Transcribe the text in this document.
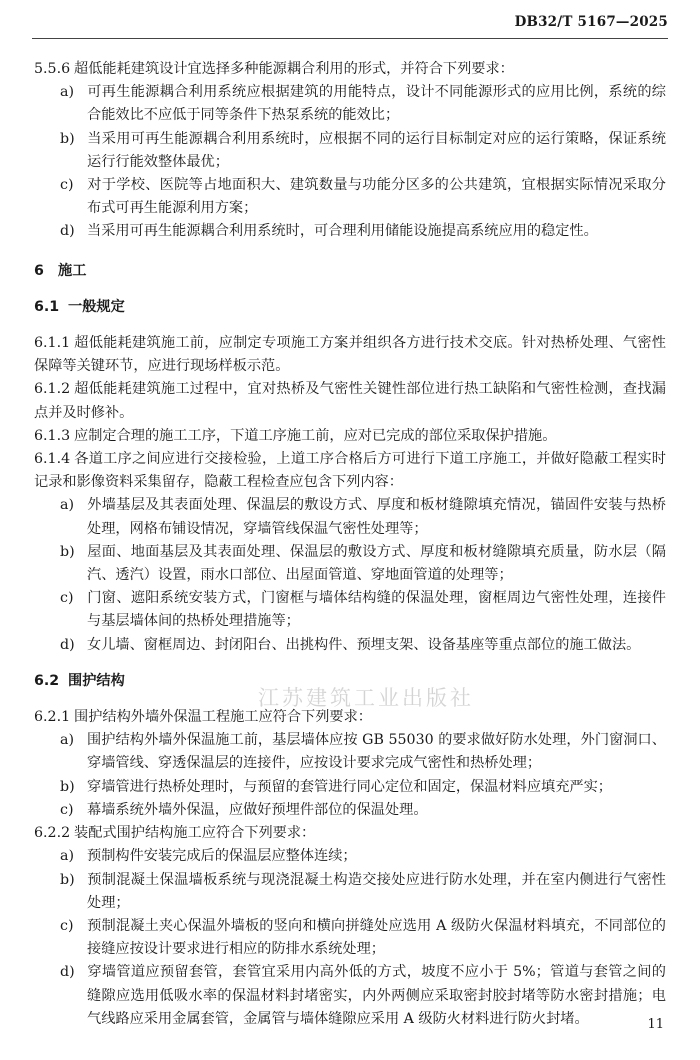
DB32/T 5167—2025

5.5.6 超低能耗建筑设计宜选择多种能源耦合利用的形式，并符合下列要求：

a) 可再生能源耦合利用系统应根据建筑的用能特点，设计不同能源形式的应用比例，系统的综合能效比不应低于同等条件下热泵系统的能效比；

b) 当采用可再生能源耦合利用系统时，应根据不同的运行目标制定对应的运行策略，保证系统运行行能效整体最优；

c) 对于学校、医院等占地面积大、建筑数量与功能分区多的公共建筑，宜根据实际情况采取分布式可再生能源利用方案；

d) 当采用可再生能源耦合利用系统时，可合理利用储能设施提高系统应用的稳定性。

6 施工

6.1 一般规定

6.1.1 超低能耗建筑施工前，应制定专项施工方案并组织各方进行技术交底。针对热桥处理、气密性保障等关键环节，应进行现场样板示范。

6.1.2 超低能耗建筑施工过程中，宜对热桥及气密性关键性部位进行热工缺陷和气密性检测，查找漏点并及时修补。

6.1.3 应制定合理的施工工序，下道工序施工前，应对已完成的部位采取保护措施。

6.1.4 各道工序之间应进行交接检验，上道工序合格后方可进行下道工序施工，并做好隐蔽工程实时记录和影像资料采集留存，隐蔽工程检查应包含下列内容：

a) 外墙基层及其表面处理、保温层的敷设方式、厚度和板材缝隙填充情况，锚固件安装与热桥处理，网格布铺设情况，穿墙管线保温气密性处理等；

b) 屋面、地面基层及其表面处理、保温层的敷设方式、厚度和板材缝隙填充质量，防水层（隔汽、透汽）设置，雨水口部位、出屋面管道、穿地面管道的处理等；

c) 门窗、遮阳系统安装方式，门窗框与墙体结构缝的保温处理，窗框周边气密性处理，连接件与基层墙体间的热桥处理措施等；

d) 女儿墙、窗框周边、封闭阳台、出挑构件、预埋支架、设备基座等重点部位的施工做法。

6.2 围护结构

6.2.1 围护结构外墙外保温工程施工应符合下列要求：

a) 围护结构外墙外保温施工前，基层墙体应按 GB 55030 的要求做好防水处理，外门窗洞口、穿墙管线、穿透保温层的连接件，应按设计要求完成气密性和热桥处理；

b) 穿墙管进行热桥处理时，与预留的套管进行同心定位和固定，保温材料应填充严实；

c) 幕墙系统外墙外保温，应做好预埋件部位的保温处理。

6.2.2 装配式围护结构施工应符合下列要求：

a) 预制构件安装完成后的保温层应整体连续；

b) 预制混凝土保温墙板系统与现浇混凝土构造交接处应进行防水处理，并在室内侧进行气密性处理；

c) 预制混凝土夹心保温外墙板的竖向和横向拼缝处应选用 A 级防火保温材料填充，不同部位的接缝应按设计要求进行相应的防排水系统处理；

d) 穿墙管道应预留套管，套管宜采用内高外低的方式，坡度不应小于 5%；管道与套管之间的缝隙应选用低吸水率的保温材料封堵密实，内外两侧应采取密封胶封堵等防水密封措施；电气线路应采用金属套管，金属管与墙体缝隙应采用 A 级防火材料进行防火封堵。

江苏建筑工业出版社
11
